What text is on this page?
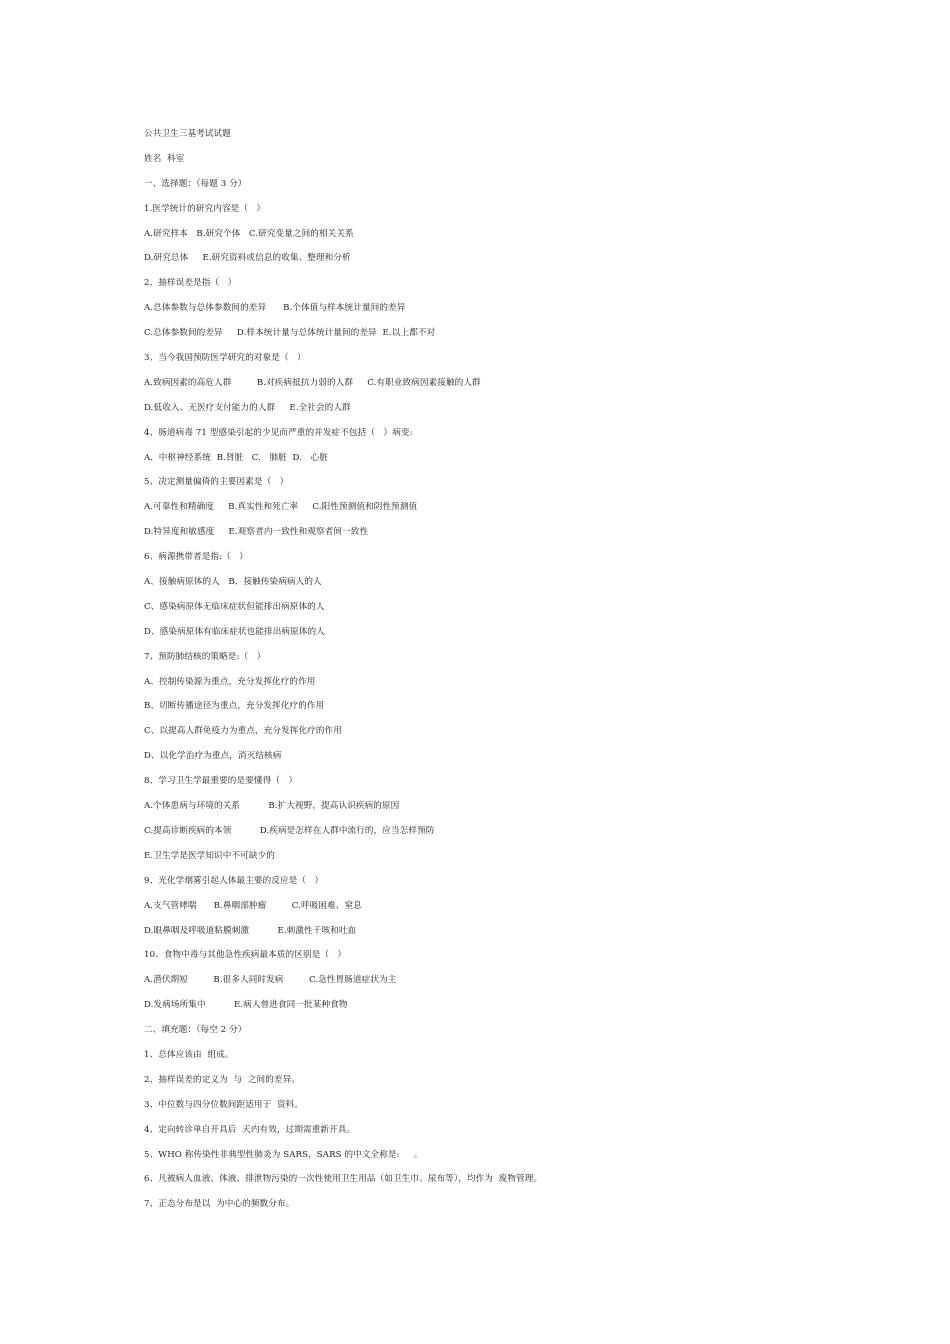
公共卫生三基考试试题
姓名  科室
一、选择题：（每题 3 分）
1.医学统计的研究内容是（   ）
A.研究样本   B.研究个体   C.研究变量之间的相关关系
D.研究总体     E.研究资料或信息的收集、整理和分析
2、抽样误差是指（   ）
A.总体参数与总体参数间的差异      B.个体值与样本统计量间的差异
C.总体参数间的差异     D.样本统计量与总体统计量间的差异  E.以上都不对
3、当今我国预防医学研究的对象是（   ）
A.致病因素的高危人群         B.对疾病抵抗力弱的人群     C.有职业致病因素接触的人群
D.低收入、无医疗支付能力的人群     E.全社会的人群
4、肠道病毒 71 型感染引起的少见而严重的并发症不包括（   ）病变:
A.  中枢神经系统  B.肾脏   C.   肺脏  D.   心脏
5、决定测量偏倚的主要因素是（   ）
A.可靠性和精确度     B.真实性和死亡率     C.阳性预测值和阴性预测值
D.特异度和敏感度     E.观察者内一致性和观察者间一致性
6、病源携带者是指:（   ）
A、接触病原体的人   B、接触传染病病人的人
C、感染病原体无临床症状但能排出病原体的人
D、感染病原体有临床症状也能排出病原体的人
7、预防肺结核的策略是:（   ）
A、控制传染源为重点，充分发挥化疗的作用
B、切断传播途径为重点，充分发挥化疗的作用
C、以提高人群免疫力为重点，充分发挥化疗的作用
D、以化学治疗为重点，消灭结核病
8、学习卫生学最重要的是要懂得（   ）
A.个体患病与环境的关系          B.扩大视野，提高认识疾病的原因
C.提高诊断疾病的本领          D.疾病是怎样在人群中流行的，应当怎样预防
E.卫生学是医学知识中不可缺少的
9、光化学烟雾引起人体最主要的反应是（   ）
A.支气管哮喘      B.鼻咽部肿瘤         C.呼吸困难、窒息
D.眼鼻咽及呼吸道粘膜刺激          E.刺激性干咳和吐血
10、食物中毒与其他急性疾病最本质的区别是（   ）
A.潜伏期短         B.很多人同时发病         C.急性胃肠道症状为主
D.发病场所集中          E.病人曾进食同一批某种食物
二、填充题：（每空 2 分）
1、总体应该由  组成。
2、抽样误差的定义为  与  之间的差异。
3、中位数与四分位数间距适用于  资料。
4、定向转诊单自开具后  天内有效，过期需重新开具。
5、WHO 称传染性非典型性肺炎为 SARS，SARS 的中文全称是:     。
6、凡被病人血液、体液、排泄物污染的一次性使用卫生用品（如卫生巾、尿布等），均作为  废物管理。
7、正态分布是以  为中心的频数分布。
